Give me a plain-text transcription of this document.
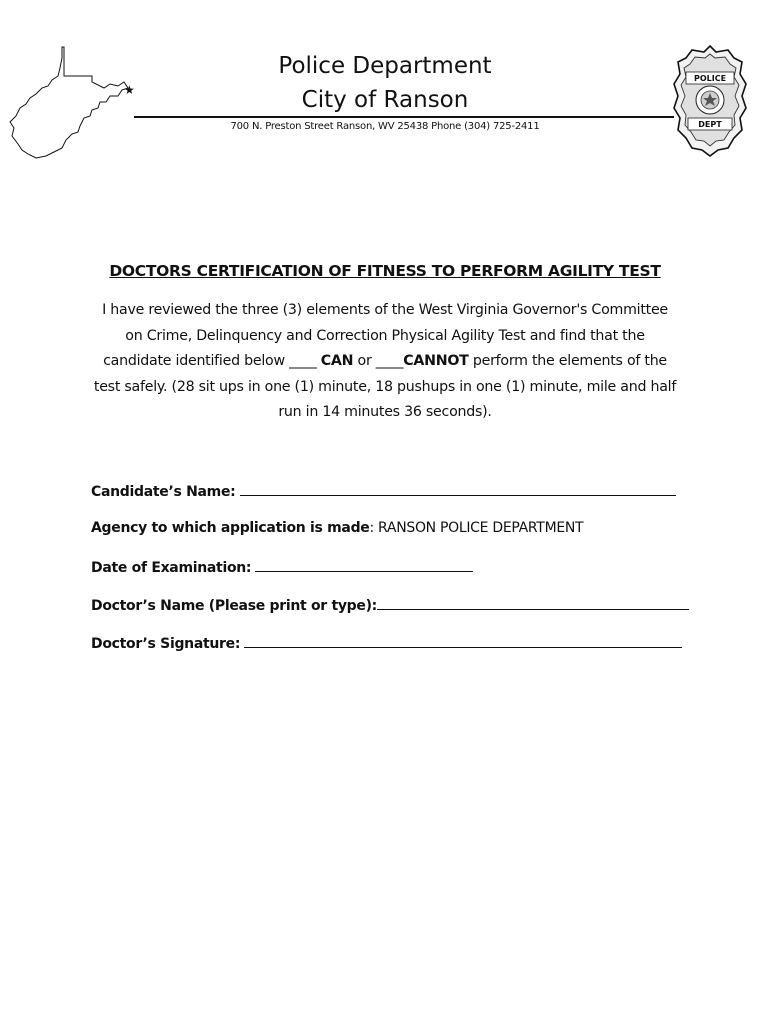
★
Police Department
City of Ranson
700 N. Preston Street Ranson, WV 25438 Phone (304) 725-2411
POLICE
DEPT
DOCTORS CERTIFICATION OF FITNESS TO PERFORM AGILITY TEST
I have reviewed the three (3) elements of the West Virginia Governor's Committee on Crime, Delinquency and Correction Physical Agility Test and find that the candidate identified below ____ CAN or ____CANNOT perform the elements of the test safely. (28 sit ups in one (1) minute, 18 pushups in one (1) minute, mile and half run in 14 minutes 36 seconds).
Candidate’s Name:
Agency to which application is made: RANSON POLICE DEPARTMENT
Date of Examination:
Doctor’s Name (Please print or type):
Doctor’s Signature:
